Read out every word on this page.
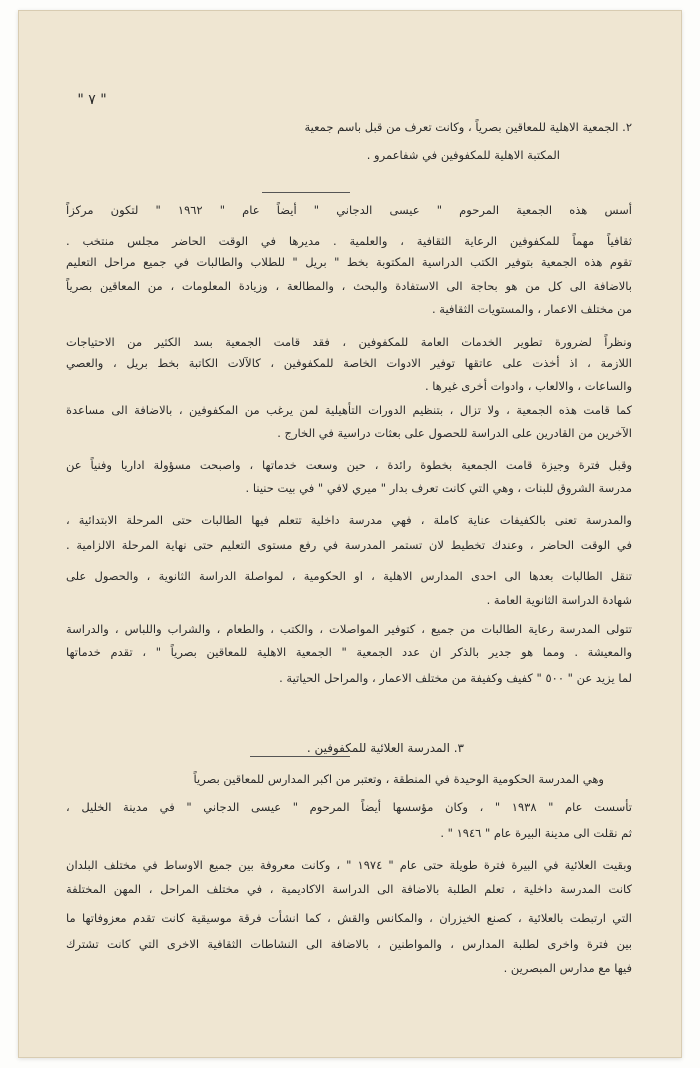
" ٧ "
٢. الجمعية الاهلية للمعاقين بصرياً ، وكانت تعرف من قبل باسم جمعية
المكتبة الاهلية للمكفوفين في شفاعمرو .
أسس هذه الجمعية المرحوم " عيسى الدجاني " أيضاً عام " ١٩٦٢ " لتكون مركزاً
ثقافياً مهماً للمكفوفين الرعاية الثقافية ، والعلمية . مديرها في الوقت الحاضر مجلس منتخب .
تقوم هذه الجمعية بتوفير الكتب الدراسية المكتوبة بخط " بريل " للطلاب والطالبات في جميع مراحل التعليم
بالاضافة الى كل من هو بحاجة الى الاستفادة والبحث ، والمطالعة ، وزيادة المعلومات ، من المعاقين بصرياً
من مختلف الاعمار ، والمستويات الثقافية .
ونظراً لضرورة تطوير الخدمات العامة للمكفوفين ، فقد قامت الجمعية بسد الكثير من الاحتياجات
اللازمة ، اذ أخذت على عاتقها توفير الادوات الخاصة للمكفوفين ، كالآلات الكاتبة بخط بريل ، والعصي
والساعات ، والالعاب ، وادوات أخرى غيرها .
كما قامت هذه الجمعية ، ولا تزال ، بتنظيم الدورات التأهيلية لمن يرغب من المكفوفين ، بالاضافة الى مساعدة
الآخرين من القادرين على الدراسة للحصول على بعثات دراسية في الخارج .
وقبل فترة وجيزة قامت الجمعية بخطوة رائدة ، حين وسعت خدماتها ، واصبحت مسؤولة اداريا وفنياً عن
مدرسة الشروق للبنات ، وهي التي كانت تعرف بدار " ميري لافي " في بيت حنينا .
والمدرسة تعنى بالكفيفات عناية كاملة ، فهي مدرسة داخلية تتعلم فيها الطالبات حتى المرحلة الابتدائية ،
في الوقت الحاضر ، وعندك تخطيط لان تستمر المدرسة في رفع مستوى التعليم حتى نهاية المرحلة الالزامية .
تنقل الطالبات بعدها الى احدى المدارس الاهلية ، او الحكومية ، لمواصلة الدراسة الثانوية ، والحصول على
شهادة الدراسة الثانوية العامة .
تتولى المدرسة رعاية الطالبات من جميع ، كتوفير المواصلات ، والكتب ، والطعام ، والشراب واللباس ، والدراسة
والمعيشة . ومما هو جدير بالذكر ان عدد الجمعية " الجمعية الاهلية للمعاقين بصرياً " ، تقدم خدماتها
لما يزيد عن " ٥٠٠ " كفيف وكفيفة من مختلف الاعمار ، والمراحل الحياتية .
٣. المدرسة العلائية للمكفوفين .
وهي المدرسة الحكومية الوحيدة في المنطقة ، وتعتبر من اكبر المدارس للمعاقين بصرياً
تأسست عام " ١٩٣٨ " ، وكان مؤسسها أيضاً المرحوم " عيسى الدجاني " في مدينة الخليل ،
ثم نقلت الى مدينة البيرة عام " ١٩٤٦ " .
وبقيت العلائية في البيرة فترة طويلة حتى عام " ١٩٧٤ " ، وكانت معروفة بين جميع الاوساط في مختلف البلدان
كانت المدرسة داخلية ، تعلم الطلبة بالاضافة الى الدراسة الاكاديمية ، في مختلف المراحل ، المهن المختلفة
التي ارتبطت بالعلائية ، كصنع الخيزران ، والمكانس والقش ، كما انشأت فرقة موسيقية كانت تقدم معزوفاتها ما
بين فترة واخرى لطلبة المدارس ، والمواطنين ، بالاضافة الى النشاطات الثقافية الاخرى التي كانت تشترك
فيها مع مدارس المبصرين .
